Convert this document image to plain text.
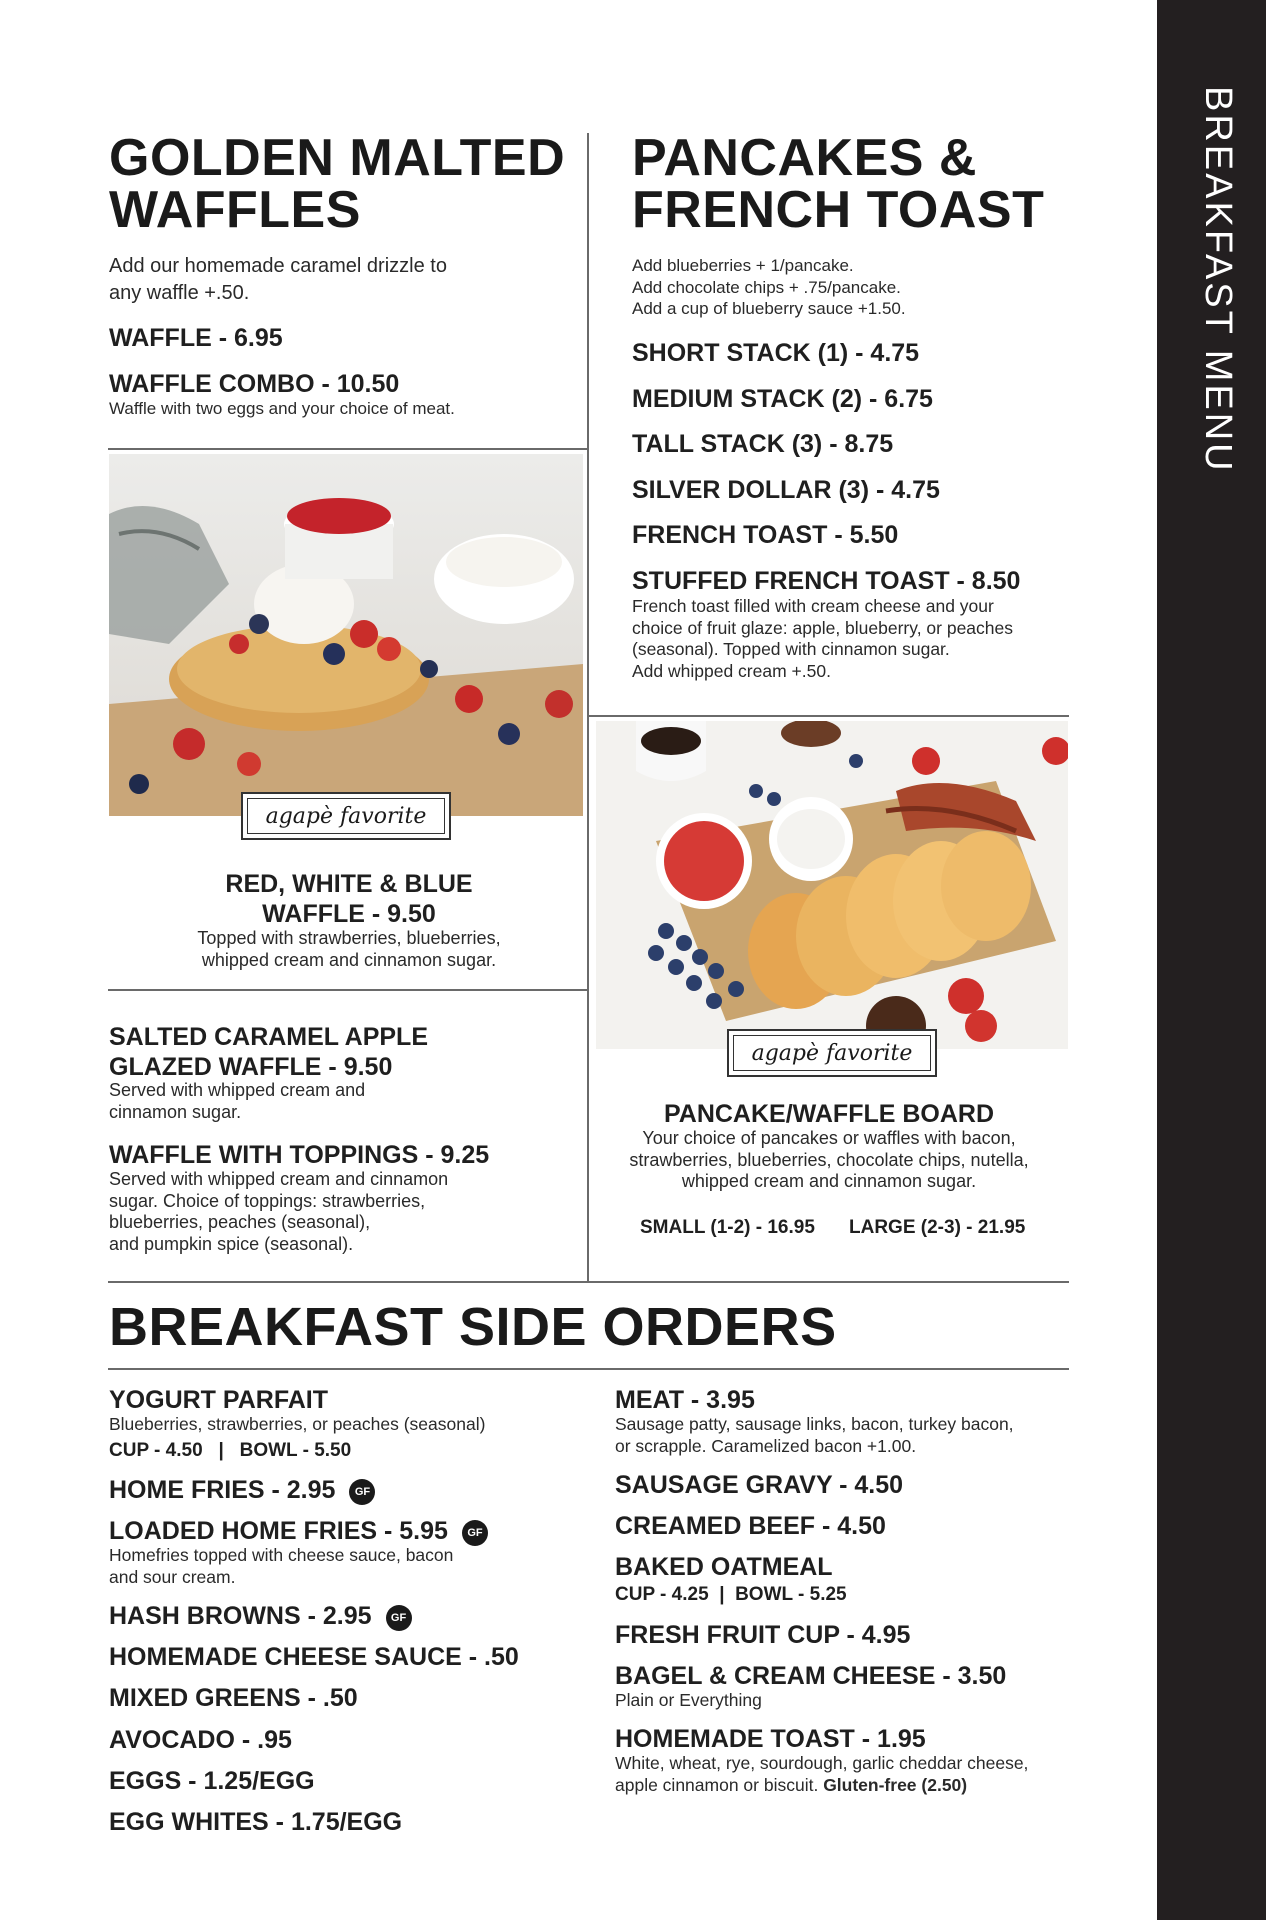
BREAKFAST MENU
GOLDEN MALTED
WAFFLES
Add our homemade caramel drizzle to
any waffle +.50.
WAFFLE - 6.95
WAFFLE COMBO - 10.50
Waffle with two eggs and your choice of meat.
agapè favorite
RED, WHITE & BLUE
WAFFLE - 9.50
Topped with strawberries, blueberries,
whipped cream and cinnamon sugar.
SALTED CARAMEL APPLE
GLAZED WAFFLE - 9.50
Served with whipped cream and
cinnamon sugar.
WAFFLE WITH TOPPINGS - 9.25
Served with whipped cream and cinnamon
sugar. Choice of toppings: strawberries,
blueberries, peaches (seasonal),
and pumpkin spice (seasonal).
PANCAKES &
FRENCH TOAST
Add blueberries + 1/pancake.
Add chocolate chips + .75/pancake.
Add a cup of blueberry sauce +1.50.
SHORT STACK (1) - 4.75
MEDIUM STACK (2) - 6.75
TALL STACK (3) - 8.75
SILVER DOLLAR (3) - 4.75
FRENCH TOAST - 5.50
STUFFED FRENCH TOAST - 8.50
French toast filled with cream cheese and your
choice of fruit glaze: apple, blueberry, or peaches
(seasonal). Topped with cinnamon sugar.
Add whipped cream +.50.
agapè favorite
PANCAKE/WAFFLE BOARD
Your choice of pancakes or waffles with bacon,
strawberries, blueberries, chocolate chips, nutella,
whipped cream and cinnamon sugar.
SMALL (1-2) - 16.95 LARGE (2-3) - 21.95
BREAKFAST SIDE ORDERS
YOGURT PARFAIT
Blueberries, strawberries, or peaches (seasonal)
CUP - 4.50   |   BOWL - 5.50
HOME FRIES - 2.95 GF
LOADED HOME FRIES - 5.95 GF
Homefries topped with cheese sauce, bacon
and sour cream.
HASH BROWNS - 2.95 GF
HOMEMADE CHEESE SAUCE - .50
MIXED GREENS - .50
AVOCADO - .95
EGGS - 1.25/EGG
EGG WHITES - 1.75/EGG
MEAT - 3.95
Sausage patty, sausage links, bacon, turkey bacon,
or scrapple. Caramelized bacon +1.00.
SAUSAGE GRAVY - 4.50
CREAMED BEEF - 4.50
BAKED OATMEAL
CUP - 4.25  |  BOWL - 5.25
FRESH FRUIT CUP - 4.95
BAGEL & CREAM CHEESE - 3.50
Plain or Everything
HOMEMADE TOAST - 1.95
White, wheat, rye, sourdough, garlic cheddar cheese,
apple cinnamon or biscuit. Gluten-free (2.50)
